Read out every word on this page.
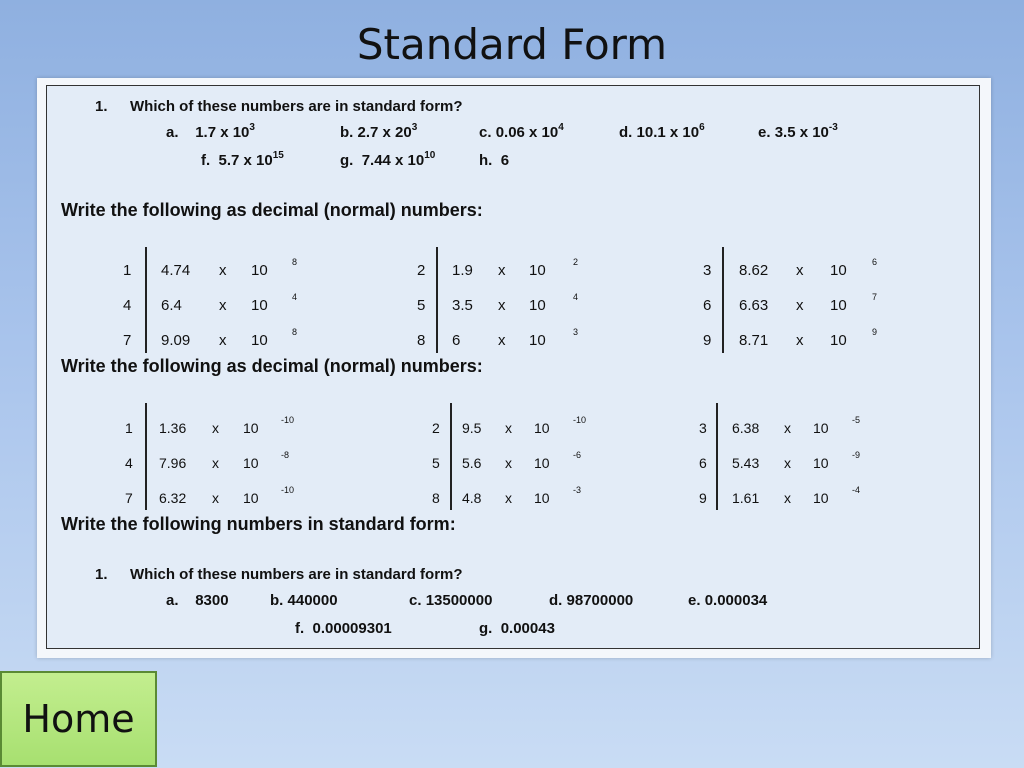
Standard Form
1. Which of these numbers are in standard form?
a. 1.7 x $10^3$	b. 2.7 x $20^3$	c. 0.06 x $10^4$	d. 10.1 x $10^6$	e. 3.5 x $10^{-3}$
f. 5.7 x $10^{15}$	g. 7.44 x $10^{10}$	h. 6
Write the following as decimal (normal) numbers:
1 4.74 x 10	8	2 1.9 x 10	2	3 8.62 x 10	6
4 6.4 x 10	4	5 3.5 x 10	4	6 6.63 x 10	7
7 9.09 x 10	8	8 6	x 10	3	9 8.71 x 10	9
Write the following as decimal (normal) numbers:
1 1.36 x 10 -10	2 9.5 x 10	-10	3 6.38 x 10	-5
4 7.96 x 10 -8	5 5.6 x 10	-6	6 5.43 x 10	-9
7 6.32 x 10 -10	8 4.8 x 10	-3	9 1.61 x 10	-4
Write the following numbers in standard form:
1. Which of these numbers are in standard form?
a. 8300	b. 440000	c. 13500000	d. 98700000	e. 0.000034
f. 0.00009301	g. 0.00043
Home
